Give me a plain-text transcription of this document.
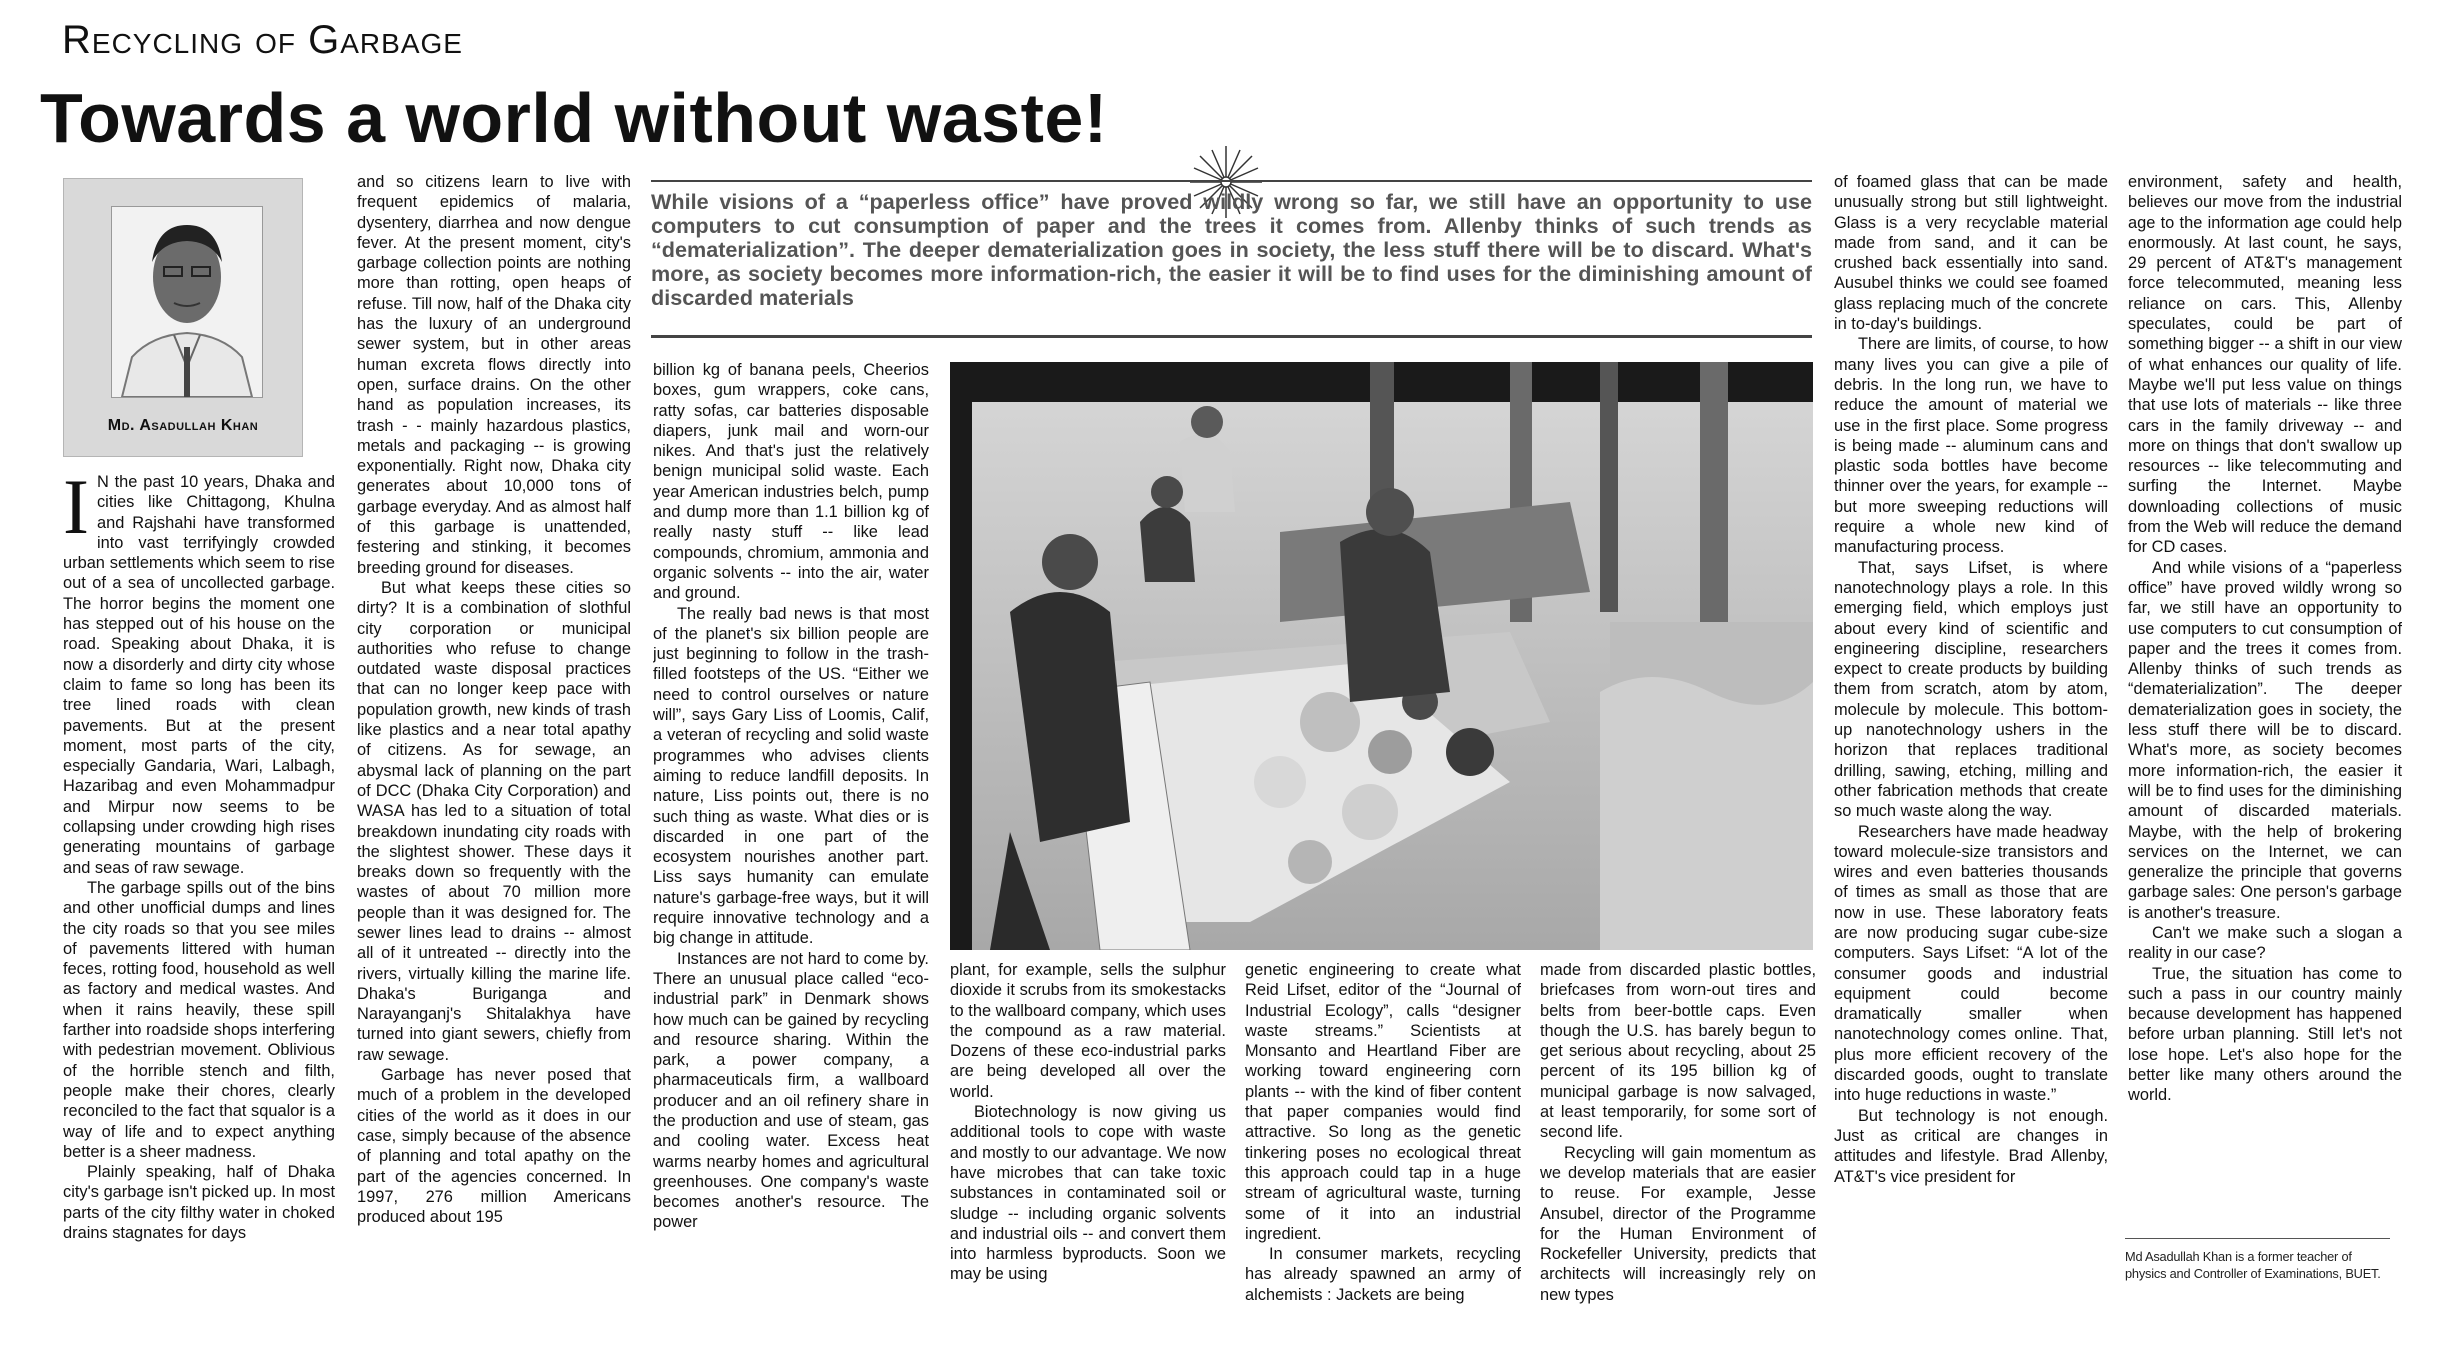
Recycling of Garbage
Towards a world without waste!
Md. Asadullah Khan
I N the past 10 years, Dhaka and cities like Chittagong, Khulna and Rajshahi have transformed into vast terrifyingly crowded urban settlements which seem to rise out of a sea of uncollected garbage. The horror begins the moment one has stepped out of his house on the road. Speaking about Dhaka, it is now a disorderly and dirty city whose claim to fame so long has been its tree lined roads with clean pavements. But at the present moment, most parts of the city, especially Gandaria, Wari, Lalbagh, Hazaribag and even Mohammadpur and Mirpur now seems to be collapsing under crowding high rises generating mountains of garbage and seas of raw sewage.

The garbage spills out of the bins and other unofficial dumps and lines the city roads so that you see miles of pavements littered with human feces, rotting food, household as well as factory and medical wastes. And when it rains heavily, these spill farther into roadside shops interfering with pedestrian movement. Oblivious of the horrible stench and filth, people make their chores, clearly reconciled to the fact that squalor is a way of life and to expect anything better is a sheer madness.

Plainly speaking, half of Dhaka city's garbage isn't picked up. In most parts of the city filthy water in choked drains stagnates for days

and so citizens learn to live with frequent epidemics of malaria, dysentery, diarrhea and now dengue fever. At the present moment, city's garbage collection points are nothing more than rotting, open heaps of refuse. Till now, half of the Dhaka city has the luxury of an underground sewer system, but in other areas human excreta flows directly into open, surface drains. On the other hand as population increases, its trash - - mainly hazardous plastics, metals and packaging -- is growing exponentially. Right now, Dhaka city generates about 10,000 tons of garbage everyday. And as almost half of this garbage is unattended, festering and stinking, it becomes breeding ground for diseases.

But what keeps these cities so dirty? It is a combination of slothful city corporation or municipal authorities who refuse to change outdated waste disposal practices that can no longer keep pace with population growth, new kinds of trash like plastics and a near total apathy of citizens. As for sewage, an abysmal lack of planning on the part of DCC (Dhaka City Corporation) and WASA has led to a situation of total breakdown inundating city roads with the slightest shower. These days it breaks down so frequently with the wastes of about 70 million more people than it was designed for. The sewer lines lead to drains -- almost all of it untreated -- directly into the rivers, virtually killing the marine life. Dhaka's Buriganga and Narayanganj's Shitalakhya have turned into giant sewers, chiefly from raw sewage.

Garbage has never posed that much of a problem in the developed cities of the world as it does in our case, simply because of the absence of planning and total apathy on the part of the agencies concerned. In 1997, 276 million Americans produced about 195

While visions of a “paperless office” have proved wildly wrong so far, we still have an opportunity to use computers to cut consumption of paper and the trees it comes from. Allenby thinks of such trends as “dematerialization”. The deeper dematerialization goes in society, the less stuff there will be to discard. What's more, as society becomes more information-rich, the easier it will be to find uses for the diminishing amount of discarded materials

billion kg of banana peels, Cheerios boxes, gum wrappers, coke cans, ratty sofas, car batteries disposable diapers, junk mail and worn-our nikes. And that's just the relatively benign municipal solid waste. Each year American industries belch, pump and dump more than 1.1 billion kg of really nasty stuff -- like lead compounds, chromium, ammonia and organic solvents -- into the air, water and ground.

The really bad news is that most of the planet's six billion people are just beginning to follow in the trash-filled footsteps of the US. “Either we need to control ourselves or nature will”, says Gary Liss of Loomis, Calif, a veteran of recycling and solid waste programmes who advises clients aiming to reduce landfill deposits. In nature, Liss points out, there is no such thing as waste. What dies or is discarded in one part of the ecosystem nourishes another part. Liss says humanity can emulate nature's garbage-free ways, but it will require innovative technology and a big change in attitude.

Instances are not hard to come by. There an unusual place called “eco-industrial park” in Denmark shows how much can be gained by recycling and resource sharing. Within the park, a power company, a pharmaceuticals firm, a wallboard producer and an oil refinery share in the production and use of steam, gas and cooling water. Excess heat warms nearby homes and agricultural greenhouses. One company's waste becomes another's resource. The power

plant, for example, sells the sulphur dioxide it scrubs from its smokestacks to the wallboard company, which uses the compound as a raw material. Dozens of these eco-industrial parks are being developed all over the world.

Biotechnology is now giving us additional tools to cope with waste and mostly to our advantage. We now have microbes that can take toxic substances in contaminated soil or sludge -- including organic solvents and industrial oils -- and convert them into harmless byproducts. Soon we may be using

genetic engineering to create what Reid Lifset, editor of the “Journal of Industrial Ecology”, calls “designer waste streams.” Scientists at Monsanto and Heartland Fiber are working toward engineering corn plants -- with the kind of fiber content that paper companies would find attractive. So long as the genetic tinkering poses no ecological threat this approach could tap in a huge stream of agricultural waste, turning some of it into an industrial ingredient.

In consumer markets, recycling has already spawned an army of alchemists : Jackets are being

made from discarded plastic bottles, briefcases from worn-out tires and belts from beer-bottle caps. Even though the U.S. has barely begun to get serious about recycling, about 25 percent of its 195 billion kg of municipal garbage is now salvaged, at least temporarily, for some sort of second life.

Recycling will gain momentum as we develop materials that are easier to reuse. For example, Jesse Ansubel, director of the Programme for the Human Environment of Rockefeller University, predicts that architects will increasingly rely on new types

of foamed glass that can be made unusually strong but still lightweight. Glass is a very recyclable material made from sand, and it can be crushed back essentially into sand. Ausubel thinks we could see foamed glass replacing much of the concrete in to-day's buildings.

There are limits, of course, to how many lives you can give a pile of debris. In the long run, we have to reduce the amount of material we use in the first place. Some progress is being made -- aluminum cans and plastic soda bottles have become thinner over the years, for example -- but more sweeping reductions will require a whole new kind of manufacturing process.

That, says Lifset, is where nanotechnology plays a role. In this emerging field, which employs just about every kind of scientific and engineering discipline, researchers expect to create products by building them from scratch, atom by atom, molecule by molecule. This bottom-up nanotechnology ushers in the horizon that replaces traditional drilling, sawing, etching, milling and other fabrication methods that create so much waste along the way.

Researchers have made headway toward molecule-size transistors and wires and even batteries thousands of times as small as those that are now in use. These laboratory feats are now producing sugar cube-size computers. Says Lifset: “A lot of the consumer goods and industrial equipment could become dramatically smaller when nanotechnology comes online. That, plus more efficient recovery of the discarded goods, ought to translate into huge reductions in waste.”

But technology is not enough. Just as critical are changes in attitudes and lifestyle. Brad Allenby, AT&T's vice president for

environment, safety and health, believes our move from the industrial age to the information age could help enormously. At last count, he says, 29 percent of AT&T's management force telecommuted, meaning less reliance on cars. This, Allenby speculates, could be part of something bigger -- a shift in our view of what enhances our quality of life. Maybe we'll put less value on things that use lots of materials -- like three cars in the family driveway -- and more on things that don't swallow up resources -- like telecommuting and surfing the Internet. Maybe downloading collections of music from the Web will reduce the demand for CD cases.

And while visions of a “paperless office” have proved wildly wrong so far, we still have an opportunity to use computers to cut consumption of paper and the trees it comes from. Allenby thinks of such trends as “dematerialization”. The deeper dematerialization goes in society, the less stuff there will be to discard. What's more, as society becomes more information-rich, the easier it will be to find uses for the diminishing amount of discarded materials. Maybe, with the help of brokering services on the Internet, we can generalize the principle that governs garbage sales: One person's garbage is another's treasure.

Can't we make such a slogan a reality in our case?

True, the situation has come to such a pass in our country mainly because development has happened before urban planning. Still let's not lose hope. Let's also hope for the better like many others around the world.

Md Asadullah Khan is a former teacher of physics and Controller of Examinations, BUET.
